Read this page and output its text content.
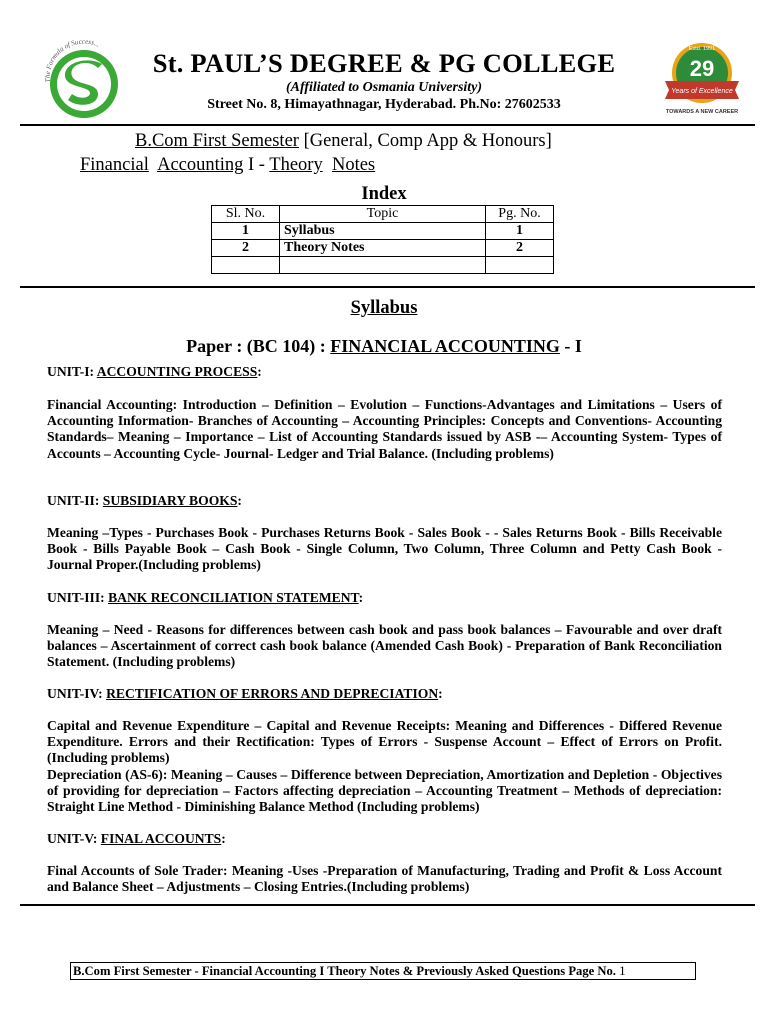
The Formula of Success...
Estd. 1991
29
Years of Excellence
TOWARDS A NEW CAREER
St. PAUL’S DEGREE & PG COLLEGE
(Affiliated to Osmania University)
Street No. 8, Himayathnagar, Hyderabad. Ph.No: 27602533
B.Com First Semester [General, Comp App & Honours]
Financial Accounting I - Theory Notes
Index
Sl. No.	Topic	Pg. No.
1	Syllabus	1
2	Theory Notes	2

Syllabus
Paper : (BC 104) : FINANCIAL ACCOUNTING - I
UNIT-I: ACCOUNTING PROCESS:
Financial Accounting: Introduction – Definition – Evolution – Functions-Advantages and Limitations – Users of Accounting Information- Branches of Accounting – Accounting Principles: Concepts and Conventions- Accounting Standards– Meaning – Importance – List of Accounting Standards issued by ASB -– Accounting System- Types of Accounts – Accounting Cycle- Journal- Ledger and Trial Balance. (Including problems)
UNIT-II: SUBSIDIARY BOOKS:
Meaning –Types - Purchases Book - Purchases Returns Book - Sales Book - - Sales Returns Book - Bills Receivable Book - Bills Payable Book – Cash Book - Single Column, Two Column, Three Column and Petty Cash Book - Journal Proper.(Including problems)
UNIT-III: BANK RECONCILIATION STATEMENT:
Meaning – Need - Reasons for differences between cash book and pass book balances – Favourable and over draft balances – Ascertainment of correct cash book balance (Amended Cash Book) - Preparation of Bank Reconciliation Statement. (Including problems)
UNIT-IV: RECTIFICATION OF ERRORS AND DEPRECIATION:
Capital and Revenue Expenditure – Capital and Revenue Receipts: Meaning and Differences - Differed Revenue Expenditure. Errors and their Rectification: Types of Errors - Suspense Account – Effect of Errors on Profit. (Including problems)
Depreciation (AS-6): Meaning – Causes – Difference between Depreciation, Amortization and Depletion - Objectives of providing for depreciation – Factors affecting depreciation – Accounting Treatment – Methods of depreciation: Straight Line Method - Diminishing Balance Method (Including problems)
UNIT-V: FINAL ACCOUNTS:
Final Accounts of Sole Trader: Meaning -Uses -Preparation of Manufacturing, Trading and Profit & Loss Account and Balance Sheet – Adjustments – Closing Entries.(Including problems)
B.Com First Semester - Financial Accounting I Theory Notes & Previously Asked Questions Page No. 1
